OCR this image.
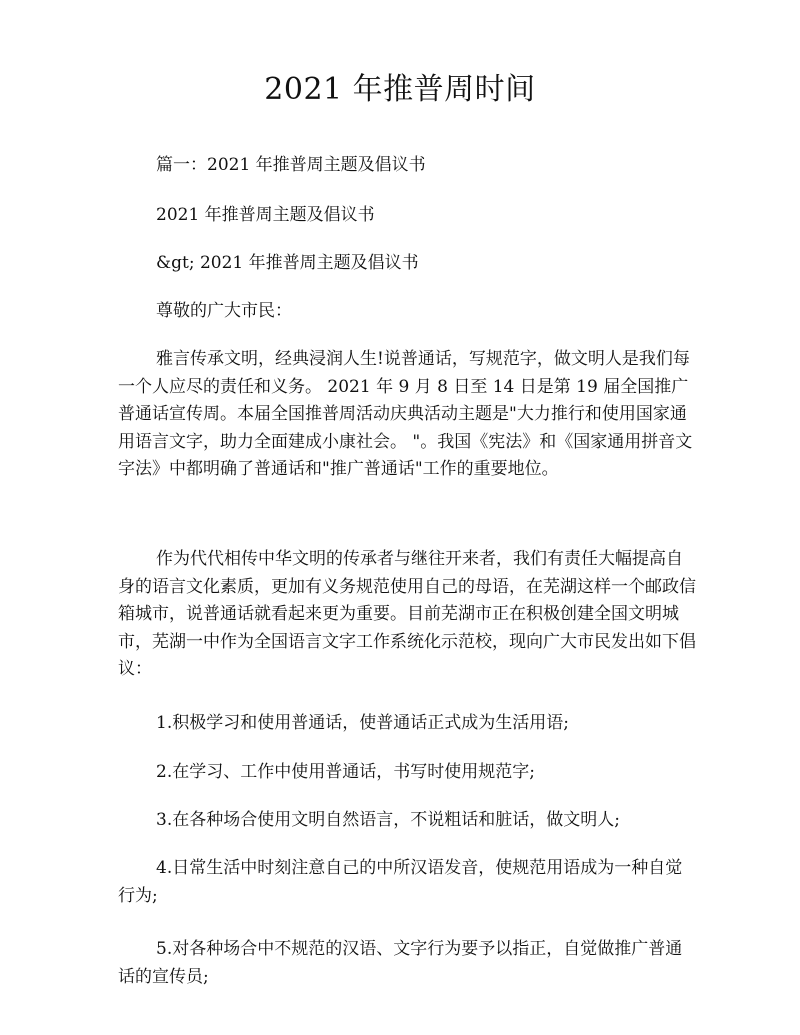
2021 年推普周时间

篇一：2021 年推普周主题及倡议书

2021 年推普周主题及倡议书

&gt; 2021 年推普周主题及倡议书

尊敬的广大市民：

雅言传承文明，经典浸润人生!说普通话，写规范字，做文明人是我们每一个人应尽的责任和义务。 2021 年 9 月 8 日至 14 日是第 19 届全国推广普通话宣传周。本届全国推普周活动庆典活动主题是"大力推行和使用国家通用语言文字，助力全面建成小康社会。 "。我国《宪法》和《国家通用拼音文字法》中都明确了普通话和"推广普通话"工作的重要地位。

作为代代相传中华文明的传承者与继往开来者，我们有责任大幅提高自身的语言文化素质，更加有义务规范使用自己的母语，在芜湖这样一个邮政信箱城市，说普通话就看起来更为重要。目前芜湖市正在积极创建全国文明城市，芜湖一中作为全国语言文字工作系统化示范校，现向广大市民发出如下倡议：

1.积极学习和使用普通话，使普通话正式成为生活用语;

2.在学习、工作中使用普通话，书写时使用规范字;

3.在各种场合使用文明自然语言，不说粗话和脏话，做文明人;

4.日常生活中时刻注意自己的中所汉语发音，使规范用语成为一种自觉行为;

5.对各种场合中不规范的汉语、文字行为要予以指正，自觉做推广普通话的宣传员;
